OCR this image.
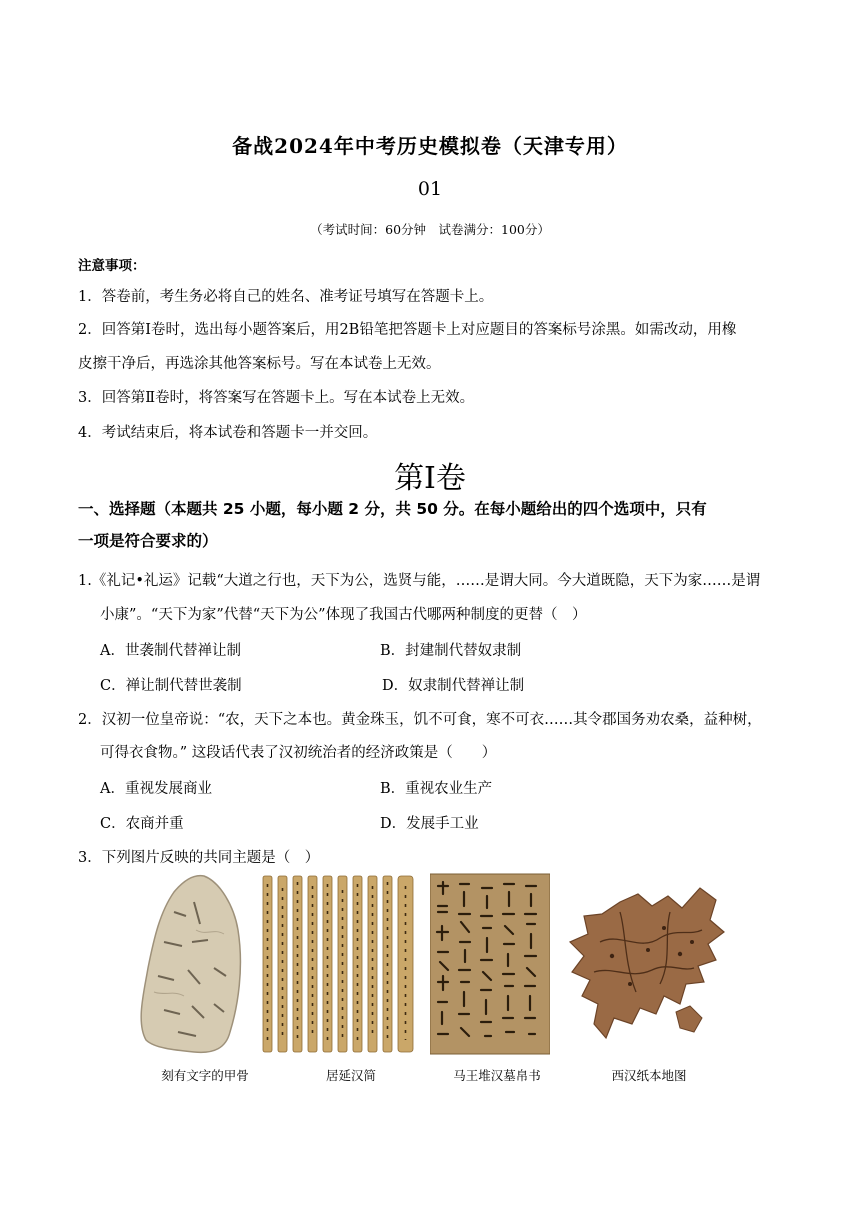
备战2024年中考历史模拟卷（天津专用）
01
（考试时间：60分钟　试卷满分：100分）
注意事项：
1．答卷前，考生务必将自己的姓名、准考证号填写在答题卡上。
2．回答第Ⅰ卷时，选出每小题答案后，用2B铅笔把答题卡上对应题目的答案标号涂黑。如需改动，用橡
皮擦干净后，再选涂其他答案标号。写在本试卷上无效。
3．回答第Ⅱ卷时，将答案写在答题卡上。写在本试卷上无效。
4．考试结束后，将本试卷和答题卡一并交回。
第Ⅰ卷
一、选择题（本题共 25 小题，每小题 2 分，共 50 分。在每小题给出的四个选项中，只有
一项是符合要求的）
1.《礼记•礼运》记载“大道之行也，天下为公，选贤与能，……是谓大同。今大道既隐，天下为家……是谓
小康”。“天下为家”代替“天下为公”体现了我国古代哪两种制度的更替（　）
A．世袭制代替禅让制	B．封建制代替奴隶制
C．禅让制代替世袭制	D．奴隶制代替禅让制
2．汉初一位皇帝说：“农，天下之本也。黄金珠玉，饥不可食，寒不可衣……其令郡国务劝农桑，益种树，
可得衣食物。” 这段话代表了汉初统治者的经济政策是（　　）
A．重视发展商业	B．重视农业生产
C．农商并重	D．发展手工业
3．下列图片反映的共同主题是（　）
刻有文字的甲骨	居延汉简	马王堆汉墓帛书	西汉纸本地图
